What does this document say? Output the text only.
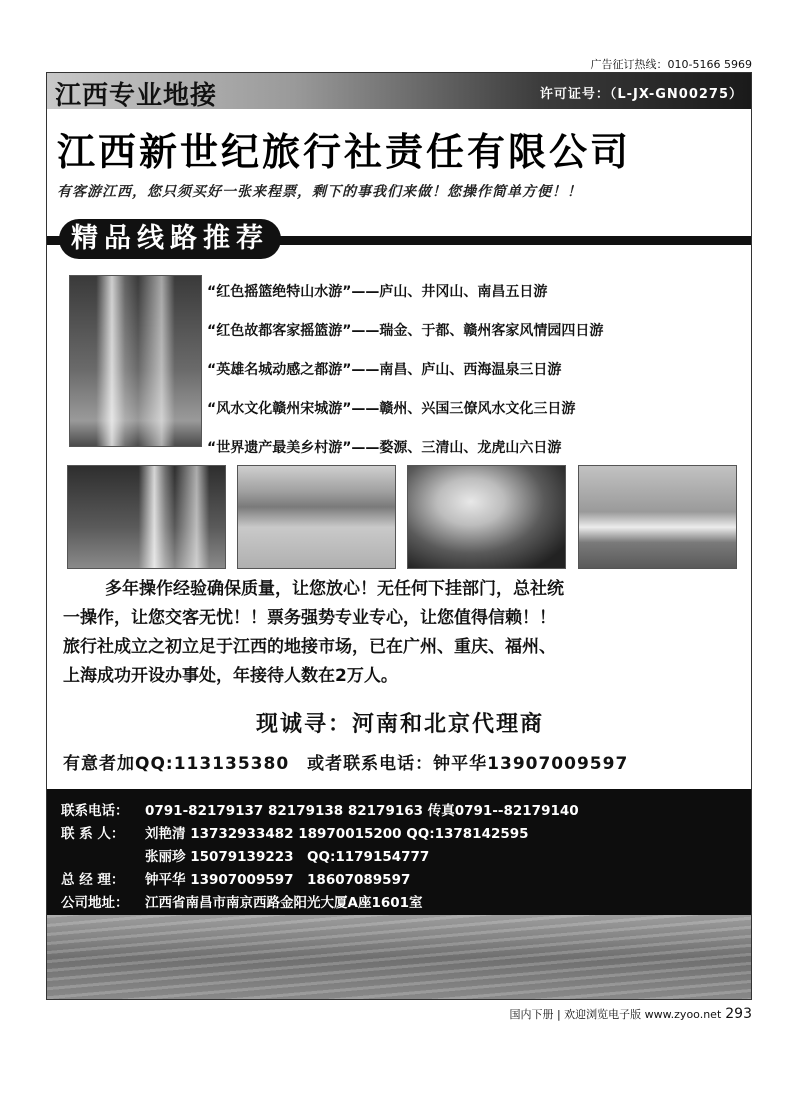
广告征订热线：010-5166 5969
江西专业地接	许可证号：（L-JX-GN00275）
江西新世纪旅行社责任有限公司
有客游江西，您只须买好一张来程票，剩下的事我们来做！您操作简单方便！！
精品线路推荐
“红色摇篮绝特山水游”——庐山、井冈山、南昌五日游
“红色故都客家摇篮游”——瑞金、于都、赣州客家风情园四日游
“英雄名城动感之都游”——南昌、庐山、西海温泉三日游
“风水文化赣州宋城游”——赣州、兴国三僚风水文化三日游
“世界遗产最美乡村游”——婺源、三清山、龙虎山六日游
多年操作经验确保质量，让您放心！无任何下挂部门，总社统
一操作，让您交客无忧！！票务强势专业专心，让您值得信赖！！
旅行社成立之初立足于江西的地接市场，已在广州、重庆、福州、
上海成功开设办事处，年接待人数在2万人。
现诚寻：河南和北京代理商
有意者加QQ:113135380　或者联系电话：钟平华13907009597
联系电话： 0791-82179137 82179138 82179163 传真0791--82179140
联 系 人： 刘艳清 13732933482 18970015200 QQ:1378142595
张丽珍 15079139223　QQ:1179154777
总 经 理： 钟平华 13907009597　18607089597
公司地址： 江西省南昌市南京西路金阳光大厦A座1601室
国内下册 | 欢迎浏览电子版 www.zyoo.net 293
